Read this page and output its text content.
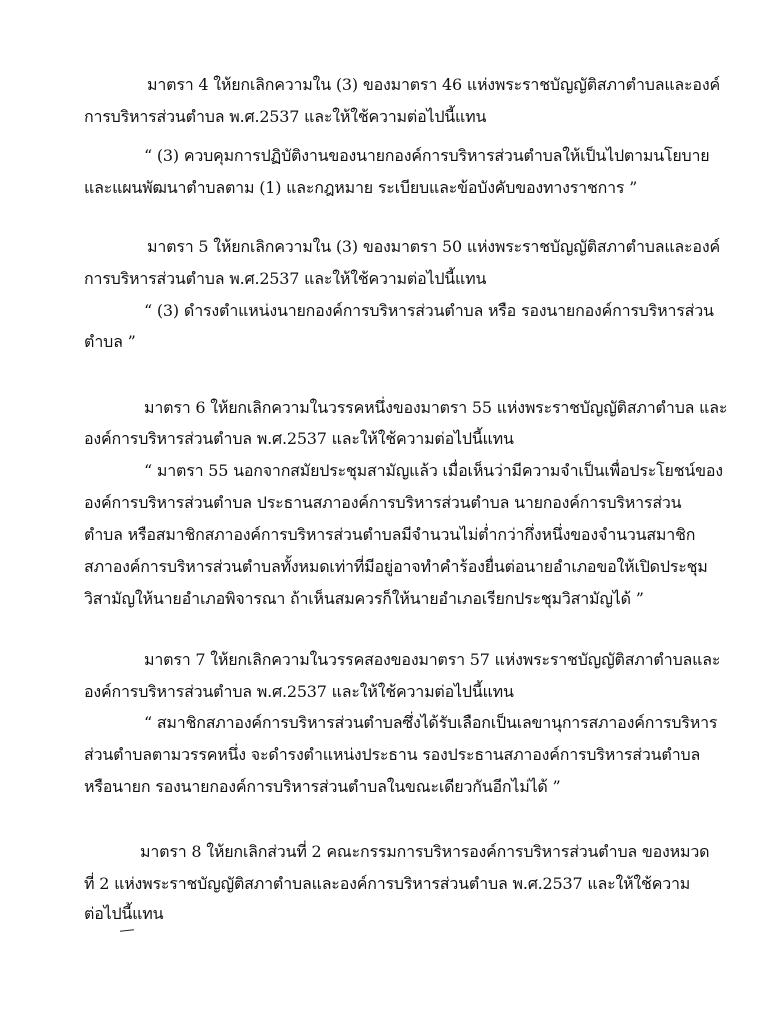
มาตรา 4 ให้ยกเลิกความใน (3) ของมาตรา 46 แห่งพระราชบัญญัติสภาตำบลและองค์
การบริหารส่วนตำบล พ.ศ.2537 และให้ใช้ความต่อไปนี้แทน
“ (3) ควบคุมการปฏิบัติงานของนายกองค์การบริหารส่วนตำบลให้เป็นไปตามนโยบาย
และแผนพัฒนาตำบลตาม (1) และกฎหมาย ระเบียบและข้อบังคับของทางราชการ ”
มาตรา 5 ให้ยกเลิกความใน (3) ของมาตรา 50 แห่งพระราชบัญญัติสภาตำบลและองค์
การบริหารส่วนตำบล พ.ศ.2537 และให้ใช้ความต่อไปนี้แทน
“ (3) ดำรงตำแหน่งนายกองค์การบริหารส่วนตำบล หรือ รองนายกองค์การบริหารส่วน
ตำบล ”
มาตรา 6 ให้ยกเลิกความในวรรคหนึ่งของมาตรา 55 แห่งพระราชบัญญัติสภาตำบล และ
องค์การบริหารส่วนตำบล พ.ศ.2537 และให้ใช้ความต่อไปนี้แทน
“ มาตรา 55 นอกจากสมัยประชุมสามัญแล้ว เมื่อเห็นว่ามีความจำเป็นเพื่อประโยชน์ของ
องค์การบริหารส่วนตำบล ประธานสภาองค์การบริหารส่วนตำบล นายกองค์การบริหารส่วน
ตำบล หรือสมาชิกสภาองค์การบริหารส่วนตำบลมีจำนวนไม่ต่ำกว่ากึ่งหนึ่งของจำนวนสมาชิก
สภาองค์การบริหารส่วนตำบลทั้งหมดเท่าที่มีอยู่อาจทำคำร้องยื่นต่อนายอำเภอขอให้เปิดประชุม
วิสามัญให้นายอำเภอพิจารณา ถ้าเห็นสมควรก็ให้นายอำเภอเรียกประชุมวิสามัญได้ ”
มาตรา 7 ให้ยกเลิกความในวรรคสองของมาตรา 57 แห่งพระราชบัญญัติสภาตำบลและ
องค์การบริหารส่วนตำบล พ.ศ.2537 และให้ใช้ความต่อไปนี้แทน
“ สมาชิกสภาองค์การบริหารส่วนตำบลซึ่งได้รับเลือกเป็นเลขานุการสภาองค์การบริหาร
ส่วนตำบลตามวรรคหนึ่ง จะดำรงตำแหน่งประธาน รองประธานสภาองค์การบริหารส่วนตำบล
หรือนายก รองนายกองค์การบริหารส่วนตำบลในขณะเดียวกันอีกไม่ได้ ”
มาตรา 8 ให้ยกเลิกส่วนที่ 2 คณะกรรมการบริหารองค์การบริหารส่วนตำบล ของหมวด
ที่ 2 แห่งพระราชบัญญัติสภาตำบลและองค์การบริหารส่วนตำบล พ.ศ.2537 และให้ใช้ความ
ต่อไปนี้แทน
